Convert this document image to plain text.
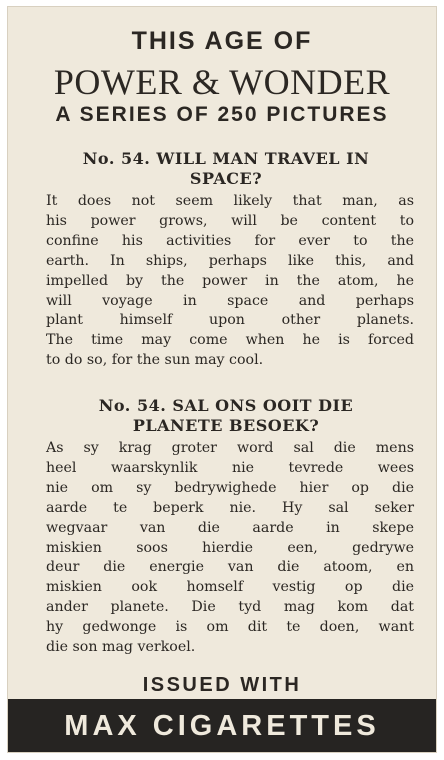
THIS AGE OF
POWER & WONDER
A SERIES OF 250 PICTURES
No. 54. WILL MAN TRAVEL IN
SPACE?
It does not seem likely that man, as
his power grows, will be content to
confine his activities for ever to the
earth. In ships, perhaps like this, and
impelled by the power in the atom, he
will voyage in space and perhaps
plant himself upon other planets.
The time may come when he is forced
to do so, for the sun may cool.
No. 54. SAL ONS OOIT DIE
PLANETE BESOEK?
As sy krag groter word sal die mens
heel waarskynlik nie tevrede wees
nie om sy bedrywighede hier op die
aarde te beperk nie. Hy sal seker
wegvaar van die aarde in skepe
miskien soos hierdie een, gedrywe
deur die energie van die atoom, en
miskien ook homself vestig op die
ander planete. Die tyd mag kom dat
hy gedwonge is om dit te doen, want
die son mag verkoel.
ISSUED WITH
MAX CIGARETTES
